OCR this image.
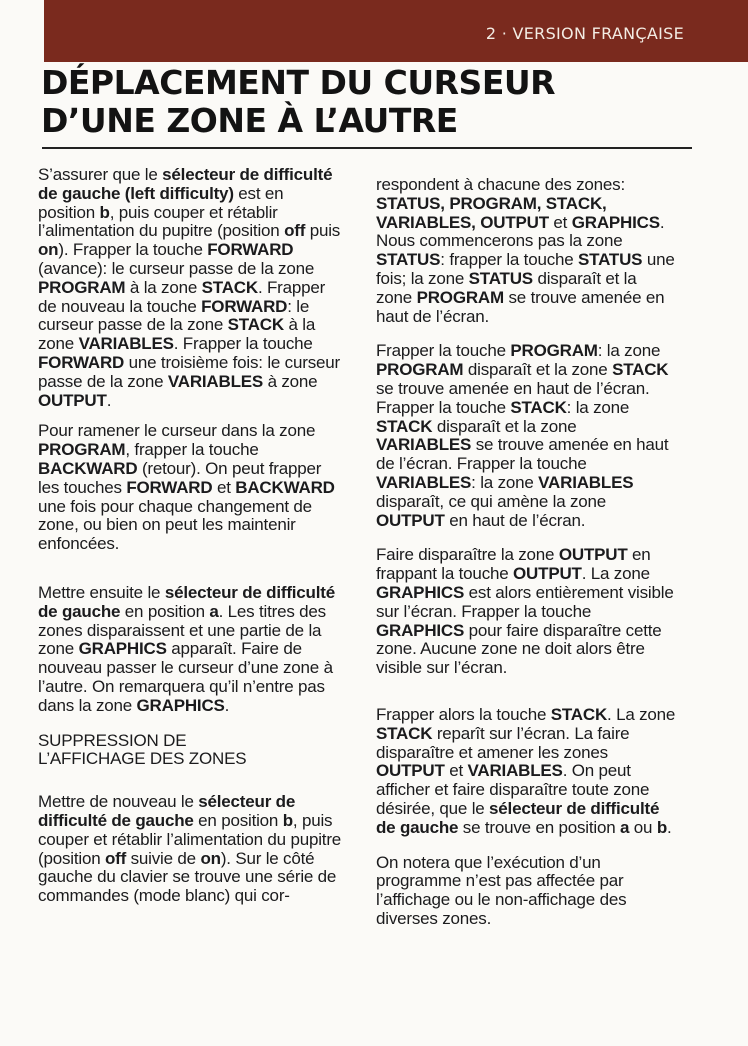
2 · VERSION FRANÇAISE
DÉPLACEMENT DU CURSEUR
D’UNE ZONE À L’AUTRE

S’assurer que le sélecteur de difficulté de gauche (left difficulty) est en position b, puis couper et rétablir l’alimentation du pupitre (position off puis on). Frapper la touche FORWARD (avance): le curseur passe de la zone PROGRAM à la zone STACK. Frapper de nouveau la touche FORWARD: le curseur passe de la zone STACK à la zone VARIABLES. Frapper la touche FORWARD une troisième fois: le curseur passe de la zone VARIABLES à zone OUTPUT.

Pour ramener le curseur dans la zone PROGRAM, frapper la touche BACKWARD (retour). On peut frapper les touches FORWARD et BACKWARD une fois pour chaque changement de zone, ou bien on peut les maintenir enfoncées.

Mettre ensuite le sélecteur de difficulté de gauche en position a. Les titres des zones disparaissent et une partie de la zone GRAPHICS apparaît. Faire de nouveau passer le curseur d’une zone à l’autre. On remarquera qu’il n’entre pas dans la zone GRAPHICS.

SUPPRESSION DE
L’AFFICHAGE DES ZONES

Mettre de nouveau le sélecteur de difficulté de gauche en position b, puis couper et rétablir l’alimentation du pupitre (position off suivie de on). Sur le côté gauche du clavier se trouve une série de commandes (mode blanc) qui cor-

respondent à chacune des zones: STATUS, PROGRAM, STACK, VARIABLES, OUTPUT et GRAPHICS. Nous commencerons pas la zone STATUS: frapper la touche STATUS une fois; la zone STATUS disparaît et la zone PROGRAM se trouve amenée en haut de l’écran.

Frapper la touche PROGRAM: la zone PROGRAM disparaît et la zone STACK se trouve amenée en haut de l’écran. Frapper la touche STACK: la zone STACK disparaît et la zone VARIABLES se trouve amenée en haut de l’écran. Frapper la touche VARIABLES: la zone VARIABLES disparaît, ce qui amène la zone OUTPUT en haut de l’écran.

Faire disparaître la zone OUTPUT en frappant la touche OUTPUT. La zone GRAPHICS est alors entièrement visible sur l’écran. Frapper la touche GRAPHICS pour faire disparaître cette zone. Aucune zone ne doit alors être visible sur l’écran.

Frapper alors la touche STACK. La zone STACK reparît sur l’écran. La faire disparaître et amener les zones OUTPUT et VARIABLES. On peut afficher et faire disparaître toute zone désirée, que le sélecteur de difficulté de gauche se trouve en position a ou b.

On notera que l’exécution d’un programme n’est pas affectée par l’affichage ou le non-affichage des diverses zones.
